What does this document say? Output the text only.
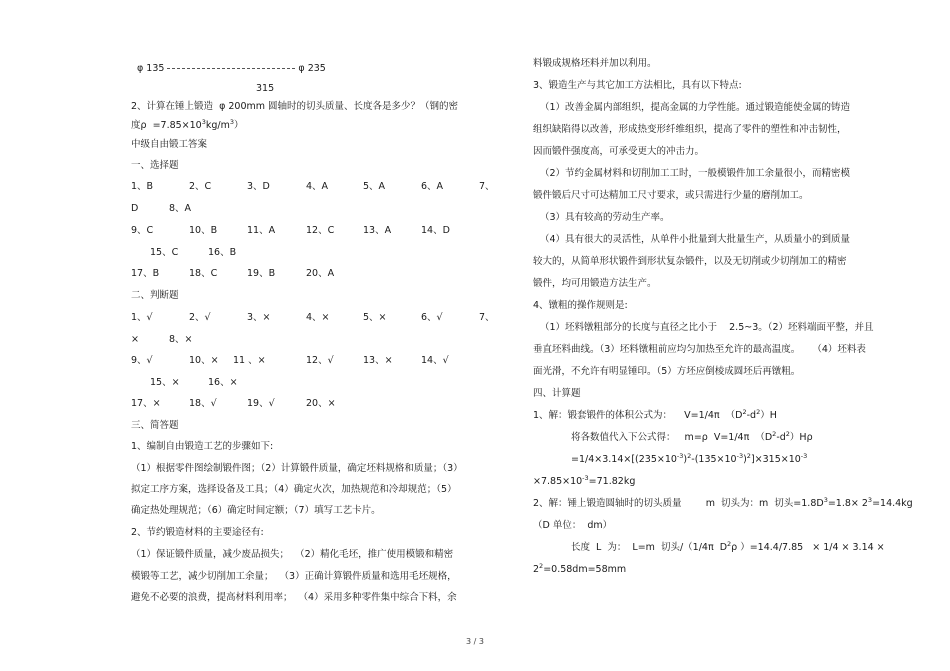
φ 135	φ 235
315
2、计算在锤上锻造  φ 200mm 圆轴时的切头质量、长度各是多少？（钢的密
度$\rho =7.85\times 10^3kg/m^3$）
中级自由锻工答案
一、选择题
1、B	2、C	3、D	4、A	5、A	6、A	7、
D	8、A
9、C	10、B	11、A	12、C	13、A	14、D
15、C	16、B
17、B	18、C	19、B	20、A
二、判断题
1、√	2、√	3、×	4、×	5、×	6、√	7、
×	8、×
9、√	10、× 11 、×	12、√	13、×	14、√
15、×	16、×
17、×	18、√	19、√	20、×
三、简答题
1、编制自由锻造工艺的步骤如下:
（1）根据零件图绘制锻件图；（2）计算锻件质量，确定坯料规格和质量；（3）
拟定工序方案，选择设备及工具；（4）确定火次，加热规范和冷却规范；（5）
确定热处理规范；（6）确定时间定额；（7）填写工艺卡片。
2、节约锻造材料的主要途径有:
（1）保证锻件质量，减少废品损失；  （2）精化毛坯，推广使用模锻和精密
模锻等工艺，减少切削加工余量；  （3）正确计算锻件质量和选用毛坯规格，
避免不必要的浪费，提高材料利用率；  （4）采用多种零件集中综合下料，余
料锻成规格坯料并加以利用。
3、锻造生产与其它加工方法相比，具有以下特点:
（1）改善金属内部组织，提高金属的力学性能。通过锻造能使金属的铸造
组织缺陷得以改善，形成热变形纤维组织，提高了零件的塑性和冲击韧性，
因而锻件强度高，可承受更大的冲击力。
（2）节约金属材料和切削加工工时，一般模锻件加工余量很小，而精密模
锻件锻后尺寸可达精加工尺寸要求，或只需进行少量的磨削加工。
（3）具有较高的劳动生产率。
（4）具有很大的灵活性，从单件小批量到大批量生产，从质量小的到质量
较大的，从简单形状锻件到形状复杂锻件，以及无切削或少切削加工的精密
锻件，均可用锻造方法生产。
4、镦粗的操作规则是:
（1）坯料镦粗部分的长度与直径之比小于    2.5~3。（2）坯料端面平整，并且
垂直坯料曲线。（3）坯料镦粗前应均匀加热至允许的最高温度。    （4）坯料表
面光滑，不允许有明显锤印。（5）方坯应倒棱成圆坯后再镦粗。
四、计算题
1、解：锻套锻件的体积公式为：    V=1/4π  $(D^2-d^2)H$
将各数值代入下公式得：   m=ρ  V=1/4π  $(D^2-d^2)H\rho$
$=1/4\times 3.14\times[(235\times 10^{-3})^2-(135\times 10^{-3})^2]\times 315\times 10^{-3}$
$\times 7.85\times 10^{-3}=71.82kg$
2、解：锤上锻造圆轴时的切头质量        m  切头为：m  切头$=1.8D^3=1.8\times 2^3=14.4kg$
（D 单位：  dm）
长度  L  为：  L=m  切头/（1/4π  $D^2\rho$ ）=14.4/7.85   × 1/4 × 3.14 ×
$2^2=0.58dm=58mm$
3 / 3
